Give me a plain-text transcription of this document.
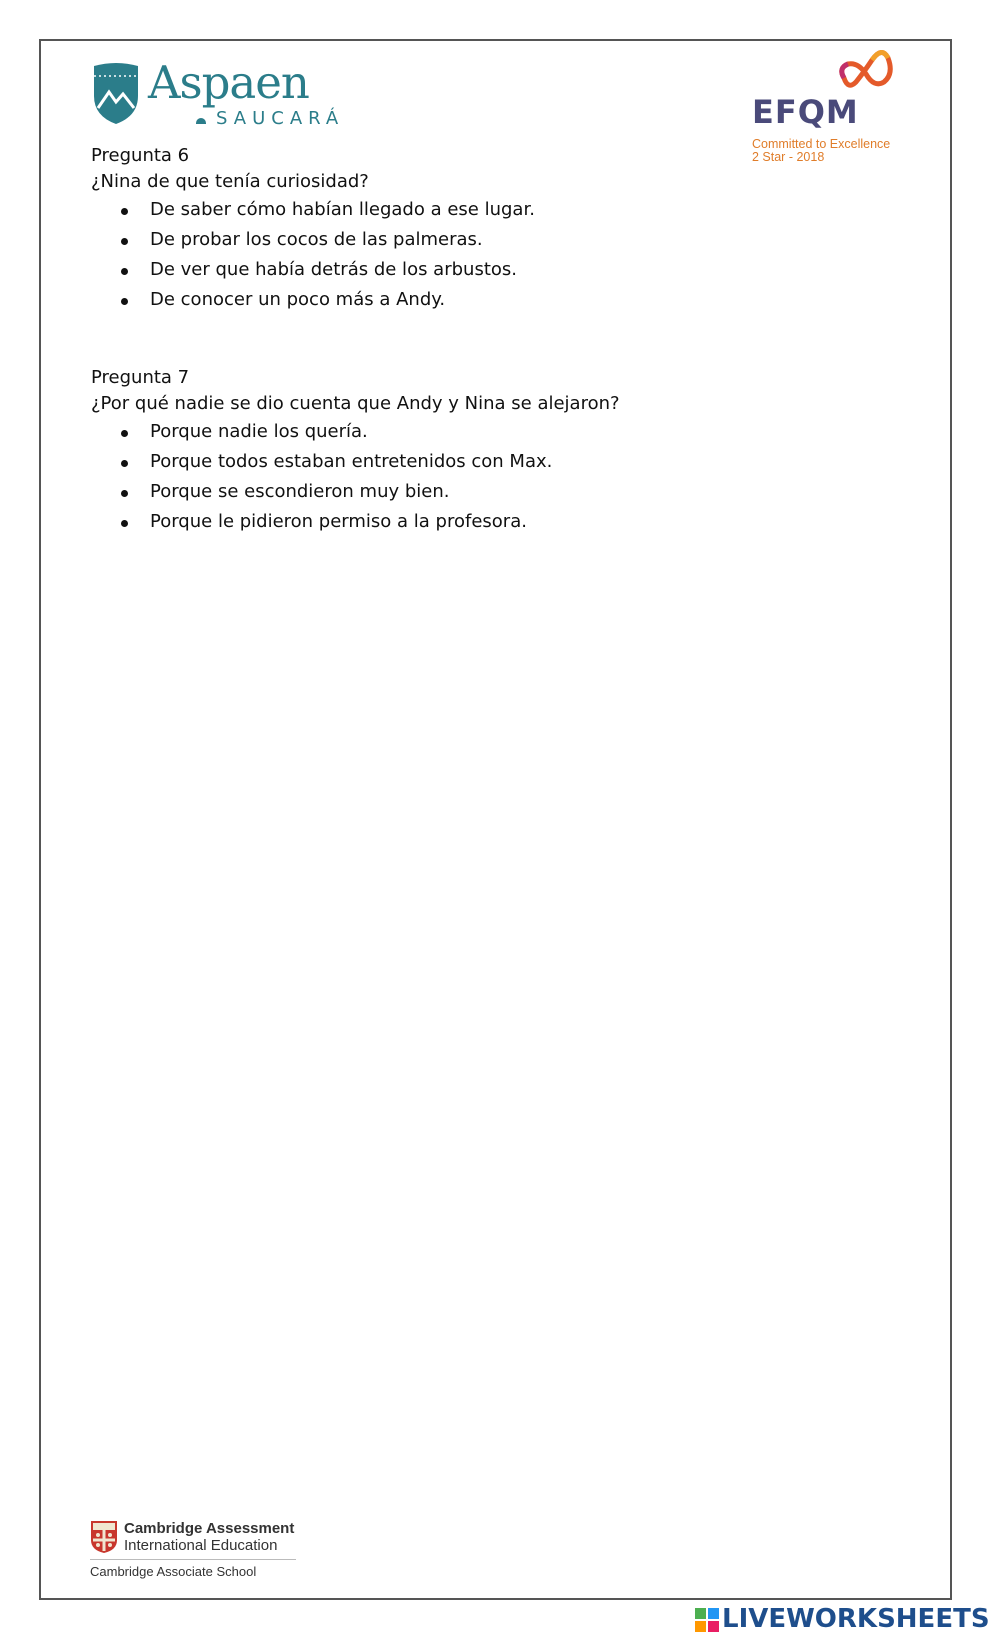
Aspaen
SAUCARÁ	EFQM
Committed to Excellence
2 Star - 2018
Pregunta 6
¿Nina de que tenía curiosidad?
De saber cómo habían llegado a ese lugar.
De probar los cocos de las palmeras.
De ver que había detrás de los arbustos.
De conocer un poco más a Andy.
Pregunta 7
¿Por qué nadie se dio cuenta que Andy y Nina se alejaron?
Porque nadie los quería.
Porque todos estaban entretenidos con Max.
Porque se escondieron muy bien.
Porque le pidieron permiso a la profesora.
Cambridge Assessment
International Education
Cambridge Associate School
LIVEWORKSHEETS
